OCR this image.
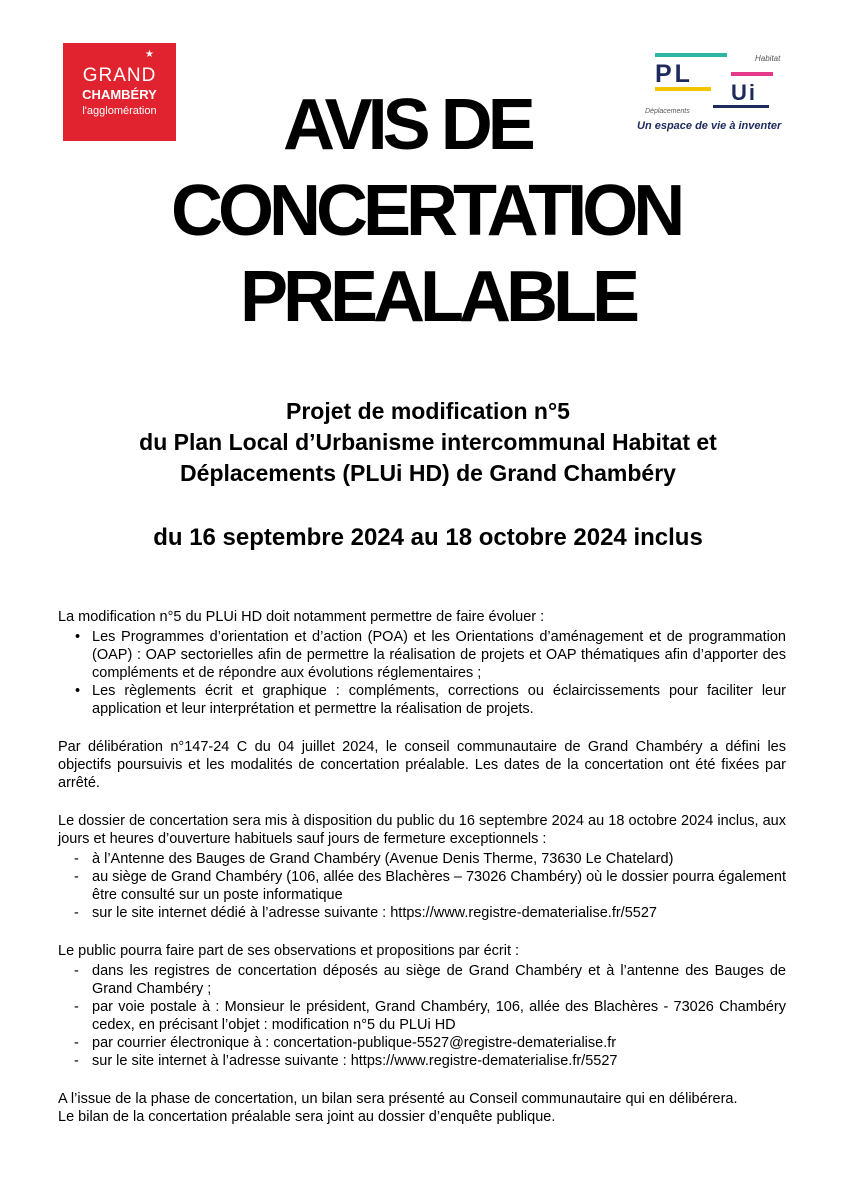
★
GRAND
CHAMBÉRY
l'agglomération
Habitat
PL
Ui
Déplacements
Un espace de vie à inventer
AVIS DE
CONCERTATION
PREALABLE
Projet de modification n°5
du Plan Local d’Urbanisme intercommunal Habitat et
Déplacements (PLUi HD) de Grand Chambéry
du 16 septembre 2024 au 18 octobre 2024 inclus

La modification n°5 du PLUi HD doit notamment permettre de faire évoluer :

• Les Programmes d’orientation et d’action (POA) et les Orientations d’aménagement et de programmation (OAP) : OAP sectorielles afin de permettre la réalisation de projets et OAP thématiques afin d’apporter des compléments et de répondre aux évolutions réglementaires ;
• Les règlements écrit et graphique : compléments, corrections ou éclaircissements pour faciliter leur application et leur interprétation et permettre la réalisation de projets.

Par délibération n°147-24 C du 04 juillet 2024, le conseil communautaire de Grand Chambéry a défini les objectifs poursuivis et les modalités de concertation préalable. Les dates de la concertation ont été fixées par arrêté.

Le dossier de concertation sera mis à disposition du public du 16 septembre 2024 au 18 octobre 2024 inclus, aux jours et heures d’ouverture habituels sauf jours de fermeture exceptionnels :

- à l’Antenne des Bauges de Grand Chambéry (Avenue Denis Therme, 73630 Le Chatelard)
- au siège de Grand Chambéry (106, allée des Blachères – 73026 Chambéry) où le dossier pourra également être consulté sur un poste informatique
- sur le site internet dédié à l’adresse suivante : https://www.registre-dematerialise.fr/5527

Le public pourra faire part de ses observations et propositions par écrit :

- dans les registres de concertation déposés au siège de Grand Chambéry et à l’antenne des Bauges de Grand Chambéry ;
- par voie postale à : Monsieur le président, Grand Chambéry, 106, allée des Blachères - 73026 Chambéry cedex, en précisant l’objet : modification n°5 du PLUi HD
- par courrier électronique à : concertation-publique-5527@registre-dematerialise.fr
- sur le site internet à l’adresse suivante : https://www.registre-dematerialise.fr/5527

A l’issue de la phase de concertation, un bilan sera présenté au Conseil communautaire qui en délibérera.

Le bilan de la concertation préalable sera joint au dossier d’enquête publique.
